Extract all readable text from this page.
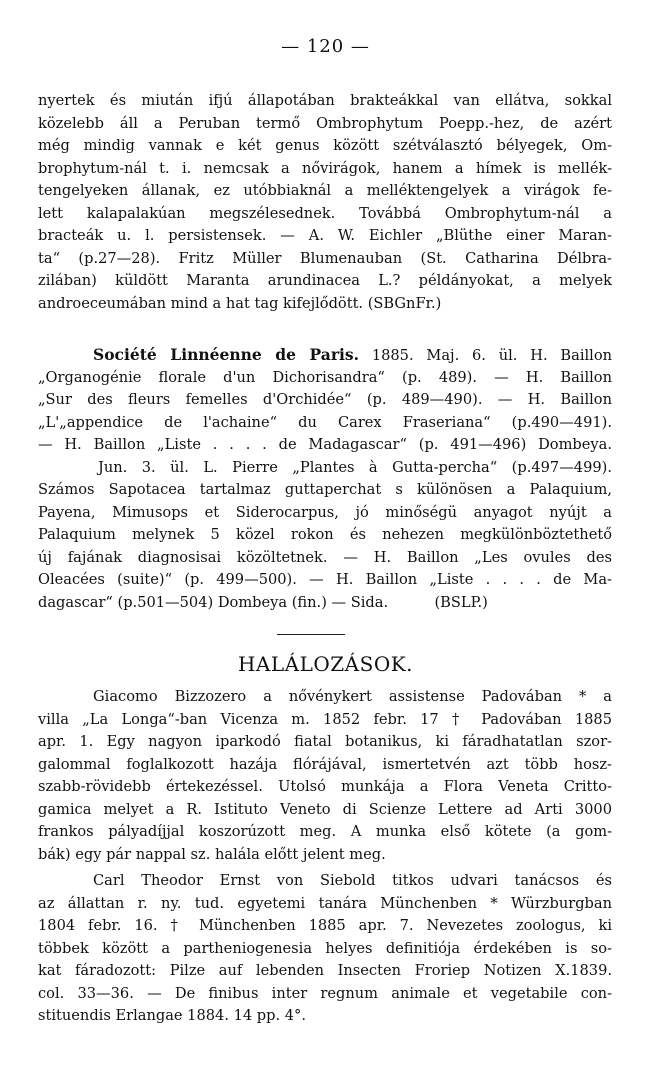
— 120 —
nyertek és miután ifjú állapotában brakteákkal van ellátva, sokkal
közelebb áll a Peruban termő Ombrophytum Poepp.-hez, de azért
még mindig vannak e két genus között szétválasztó bélyegek, Om-
brophytum-nál t. i. nemcsak a nővirágok, hanem a hímek is mellék-
tengelyeken állanak, ez utóbbiaknál a melléktengelyek a virágok fe-
lett kalapalakúan megszélesednek. Továbbá Ombrophytum-nál a
bracteák u. l. persistensek. — A. W. Eichler „Blüthe einer Maran-
ta“ (p.27—28). Fritz Müller Blumenauban (St. Catharina Délbra-
zilában) küldött Maranta arundinacea L.? példányokat, a melyek
androeceumában mind a hat tag kifejlődött. (SBGnFr.)
Société Linnéenne de Paris. 1885. Maj. 6. ül. H. Baillon
„Organogénie florale d'un Dichorisandra“ (p. 489). — H. Baillon
„Sur des fleurs femelles d'Orchidée“ (p. 489—490). — H. Baillon
„L'„appendice de l'achaine“ du Carex Fraseriana“ (p.490—491).
— H. Baillon „Liste . . . . de Madagascar“ (p. 491—496) Dombeya.
Jun. 3. ül. L. Pierre „Plantes à Gutta-percha“ (p.497—499).
Számos Sapotacea tartalmaz guttaperchat s különösen a Palaquium,
Payena, Mimusops et Siderocarpus, jó minőségü anyagot nyújt a
Palaquium melynek 5 közel rokon és nehezen megkülönböztethető
új fajának diagnosisai közöltetnek. — H. Baillon „Les ovules des
Oleacées (suite)“ (p. 499—500). — H. Baillon „Liste . . . . de Ma-
dagascar“ (p.501—504) Dombeya (fin.) — Sida.          (BSLP.)
HALÁLOZÁSOK.
Giacomo Bizzozero a nővénykert assistense Padovában * a
villa „La Longa“-ban Vicenza m. 1852 febr. 17 † Padovában 1885
apr. 1. Egy nagyon iparkodó fiatal botanikus, ki fáradhatatlan szor-
galommal foglalkozott hazája flórájával, ismertetvén azt több hosz-
szabb-rövidebb értekezéssel. Utolsó munkája a Flora Veneta Critto-
gamica melyet a R. Istituto Veneto di Scienze Lettere ad Arti 3000
frankos pályadíjjal koszorúzott meg. A munka első kötete (a gom-
bák) egy pár nappal sz. halála előtt jelent meg.
Carl Theodor Ernst von Siebold titkos udvari tanácsos és
az állattan r. ny. tud. egyetemi tanára Münchenben * Würzburgban
1804 febr. 16. † Münchenben 1885 apr. 7. Nevezetes zoologus, ki
többek között a partheniogenesia helyes definitiója érdekében is so-
kat fáradozott: Pilze auf lebenden Insecten Froriep Notizen X.1839.
col. 33—36. — De finibus inter regnum animale et vegetabile con-
stituendis Erlangae 1884. 14 pp. 4°.
